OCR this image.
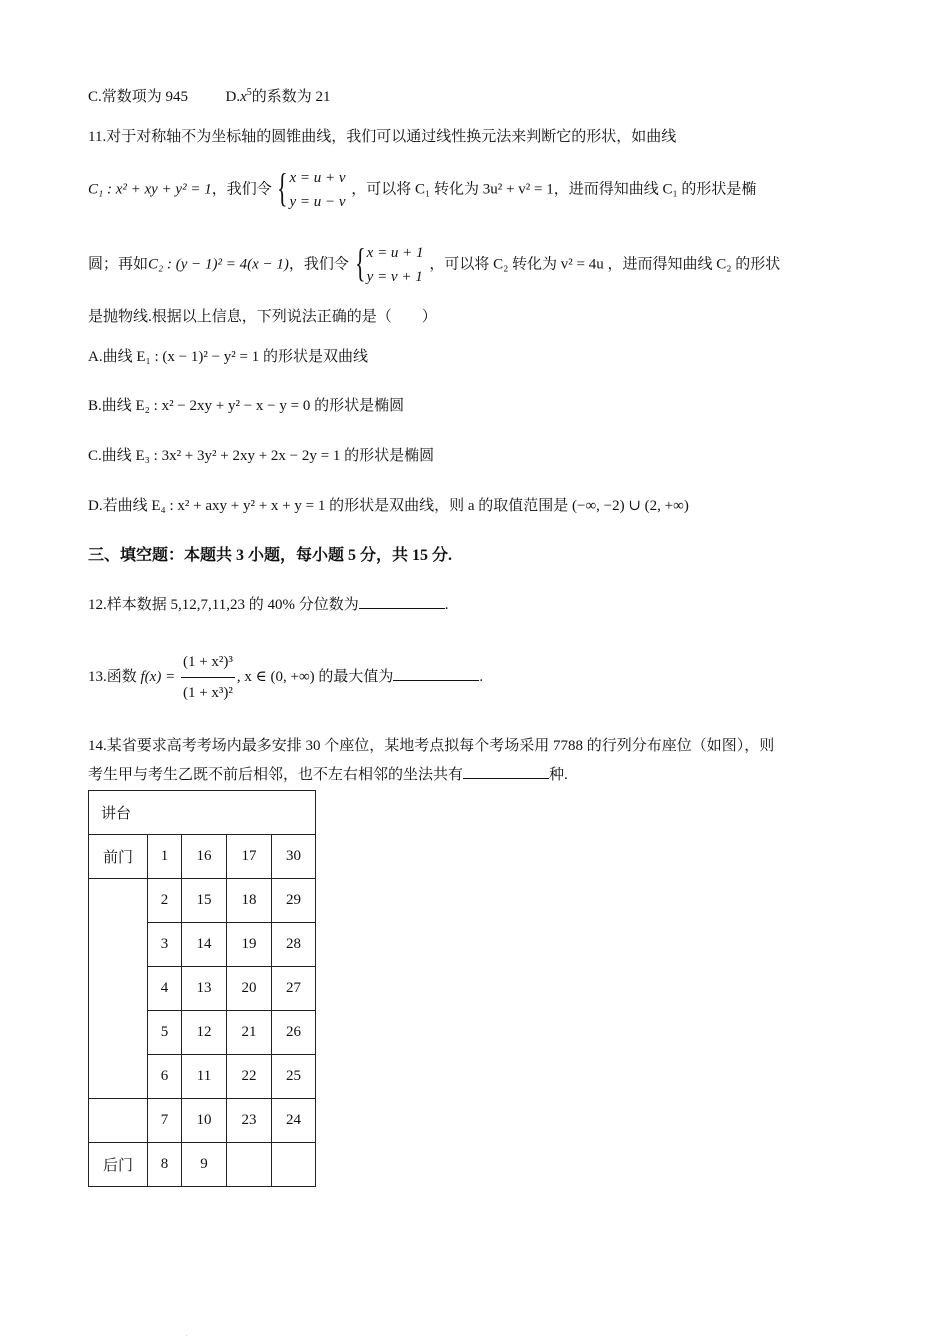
C.常数项为 945	$D.x^5$的系数为 21
11.对于对称轴不为坐标轴的圆锥曲线，我们可以通过线性换元法来判断它的形状，如曲线
C₁ : x² + xy + y² = 1，我们令 { x = u + v
y = u − v
，可以将 C₁ 转化为 3u² + v² = 1，进而得知曲线 C₁ 的形状是椭
圆；再如C₂ : (y − 1)² = 4(x − 1)，我们令 { x = u + 1
y = v + 1
，可以将 C₂ 转化为 v² = 4u ，进而得知曲线 C₂ 的形状
是抛物线.根据以上信息，下列说法正确的是（　　）
A.曲线 E₁ : (x − 1)² − y² = 1 的形状是双曲线
B.曲线 E₂ : x² − 2xy + y² − x − y = 0 的形状是椭圆
C.曲线 E₃ : 3x² + 3y² + 2xy + 2x − 2y = 1 的形状是椭圆
D.若曲线 E₄ : x² + axy + y² + x + y = 1 的形状是双曲线，则 a 的取值范围是 (−∞, −2) ∪ (2, +∞)
三、填空题：本题共 3 小题，每小题 5 分，共 15 分.
12.样本数据 5,12,7,11,23 的 40% 分位数为	.
13.函数 $f(x) = \frac{\text{(1 + x²)³}}{\text{(1 + x³)²}}$ , x ∈ (0, +∞) 的最大值为	.
14.某省要求高考考场内最多安排 30 个座位，某地考点拟每个考场采用 7788 的行列分布座位（如图），则
考生甲与考生乙既不前后相邻，也不左右相邻的坐法共有	种.
讲台				
前门	1	16	17	30
	2	15	18	29
	3	14	19	28
	4	13	20	27
	5	12	21	26
	6	11	22	25
	7	10	23	24
后门	8	9		
.
